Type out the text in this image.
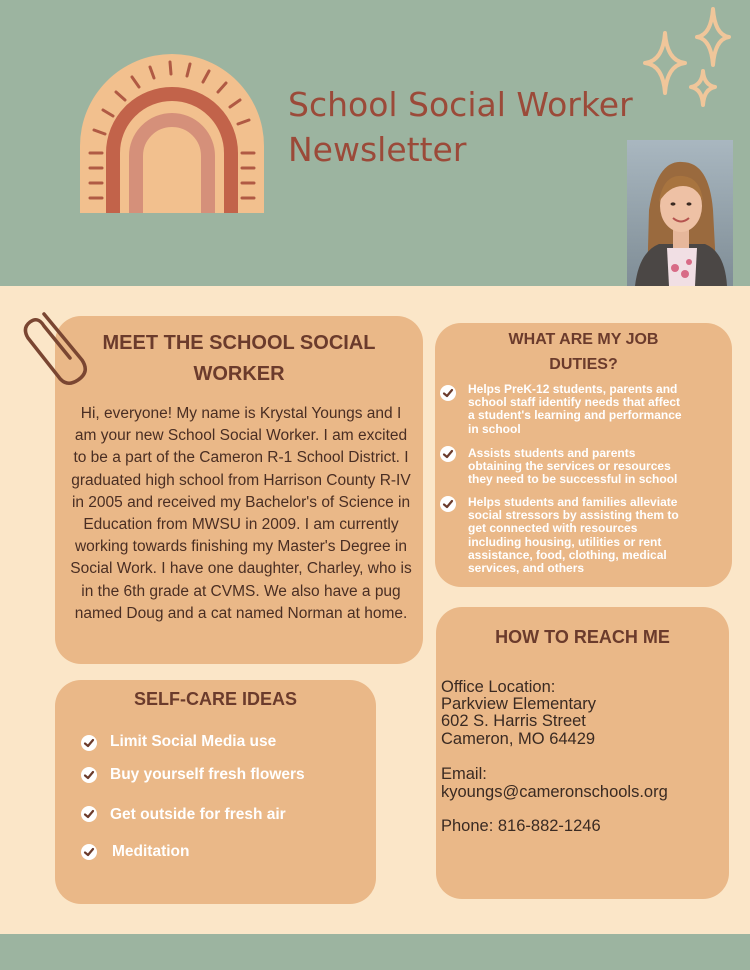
School Social Worker
Newsletter
MEET THE SCHOOL SOCIAL
WORKER
Hi, everyone! My name is Krystal Youngs and I
am your new School Social Worker. I am excited
to be a part of the Cameron R-1 School District. I
graduated high school from Harrison County R-IV
in 2005 and received my Bachelor's of Science in
Education from MWSU in 2009. I am currently
working towards finishing my Master's Degree in
Social Work. I have one daughter, Charley, who is
in the 6th grade at CVMS. We also have a pug
named Doug and a cat named Norman at home.
WHAT ARE MY JOB
DUTIES?
Helps PreK-12 students, parents and
school staff identify needs that affect
a student's learning and performance
in school
Assists students and parents
obtaining the services or resources
they need to be successful in school
Helps students and families alleviate
social stressors by assisting them to
get connected with resources
including housing, utilities or rent
assistance, food, clothing, medical
services, and others
SELF-CARE IDEAS
Limit Social Media use
Buy yourself fresh flowers
Get outside for fresh air
Meditation
HOW TO REACH ME
Office Location:
Parkview Elementary
602 S. Harris Street
Cameron, MO 64429
Email:
kyoungs@cameronschools.org
Phone: 816-882-1246
